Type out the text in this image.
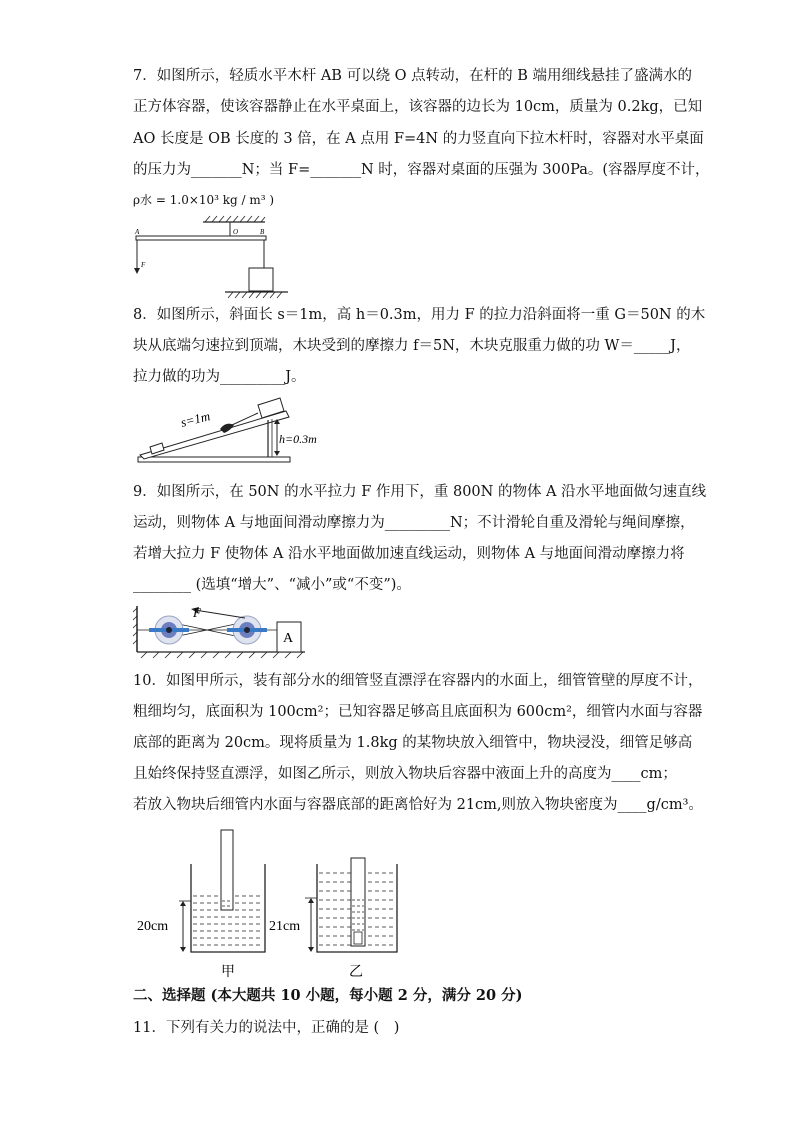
7．如图所示，轻质水平木杆 AB 可以绕 O 点转动，在杆的 B 端用细线悬挂了盛满水的
正方体容器，使该容器静止在水平桌面上，该容器的边长为 10cm，质量为 0.2kg，已知
AO 长度是 OB 长度的 3 倍，在 A 点用 F=4N 的力竖直向下拉木杆时，容器对水平桌面
的压力为_______N；当 F=_______N 时，容器对桌面的压强为 300Pa。(容器厚度不计，
ρ水 = 1.0×10³ kg / m³ )
A	O	B
F
8．如图所示，斜面长 s＝1m，高 h＝0.3m，用力 F 的拉力沿斜面将一重 G＝50N 的木
块从底端匀速拉到顶端，木块受到的摩擦力 f＝5N，木块克服重力做的功 W＝_____J，
拉力做的功为_________J。
s=1m
h=0.3m
9．如图所示，在 50N 的水平拉力 F 作用下，重 800N 的物体 A 沿水平地面做匀速直线
运动，则物体 A 与地面间滑动摩擦力为_________N；不计滑轮自重及滑轮与绳间摩擦，
若增大拉力 F 使物体 A 沿水平地面做加速直线运动，则物体 A 与地面间滑动摩擦力将
________ (选填“增大”、“减小”或“不变”)。
F
A
10．如图甲所示，装有部分水的细管竖直漂浮在容器内的水面上，细管管壁的厚度不计，
粗细均匀，底面积为 100cm²；已知容器足够高且底面积为 600cm²，细管内水面与容器
底部的距离为 20cm。现将质量为 1.8kg 的某物块放入细管中，物块浸没，细管足够高
且始终保持竖直漂浮，如图乙所示，则放入物块后容器中液面上升的高度为____cm；
若放入物块后细管内水面与容器底部的距离恰好为 21cm,则放入物块密度为____g/cm³。
20cm	21cm
甲	乙
二、选择题 (本大题共 10 小题，每小题 2 分，满分 20 分)
11．下列有关力的说法中，正确的是 (　)
